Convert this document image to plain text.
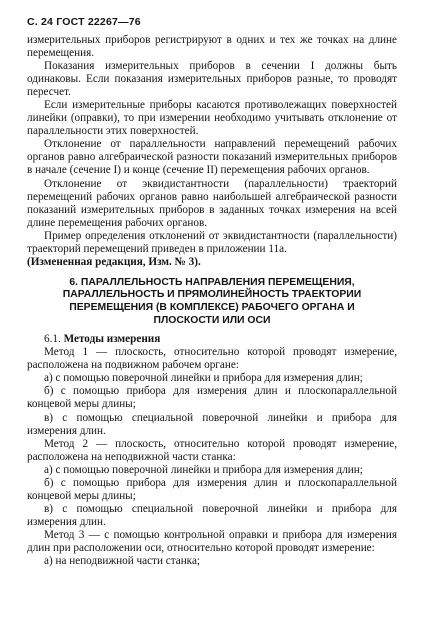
С. 24 ГОСТ 22267—76

измерительных приборов регистрируют в одних и тех же точках на длине перемещения.

Показания измерительных приборов в сечении I должны быть одинаковы. Если показания измерительных приборов разные, то проводят пересчет.

Если измерительные приборы касаются противолежащих поверхностей линейки (оправки), то при измерении необходимо учитывать отклонение от параллельности этих поверхностей.

Отклонение от параллельности направлений перемещений рабочих органов равно алгебраической разности показаний измерительных приборов в начале (сечение I) и конце (сечение II) перемещения рабочих органов.

Отклонение от эквидистантности (параллельности) траекторий перемещений рабочих органов равно наибольшей алгебраической разности показаний измерительных приборов в заданных точках измерения на всей длине перемещения рабочих органов.

Пример определения отклонений от эквидистантности (параллельности) траекторий перемещений приведен в приложении 11а.

(Измененная редакция, Изм. № 3).

6. ПАРАЛЛЕЛЬНОСТЬ НАПРАВЛЕНИЯ ПЕРЕМЕЩЕНИЯ, ПАРАЛЛЕЛЬНОСТЬ И ПРЯМОЛИНЕЙНОСТЬ ТРАЕКТОРИИ ПЕРЕМЕЩЕНИЯ (В КОМПЛЕКСЕ) РАБОЧЕГО ОРГАНА И ПЛОСКОСТИ ИЛИ ОСИ

6.1. Методы измерения

Метод 1 — плоскость, относительно которой проводят измерение, расположена на подвижном рабочем органе:

а) с помощью поверочной линейки и прибора для измерения длин;

б) с помощью прибора для измерения длин и плоскопараллельной концевой меры длины;

в) с помощью специальной поверочной линейки и прибора для измерения длин.

Метод 2 — плоскость, относительно которой проводят измерение, расположена на неподвижной части станка:

а) с помощью поверочной линейки и прибора для измерения длин;

б) с помощью прибора для измерения длин и плоскопараллельной концевой меры длины;

в) с помощью специальной поверочной линейки и прибора для измерения длин.

Метод 3 — с помощью контрольной оправки и прибора для измерения длин при расположении оси, относительно которой проводят измерение:

а) на неподвижной части станка;
